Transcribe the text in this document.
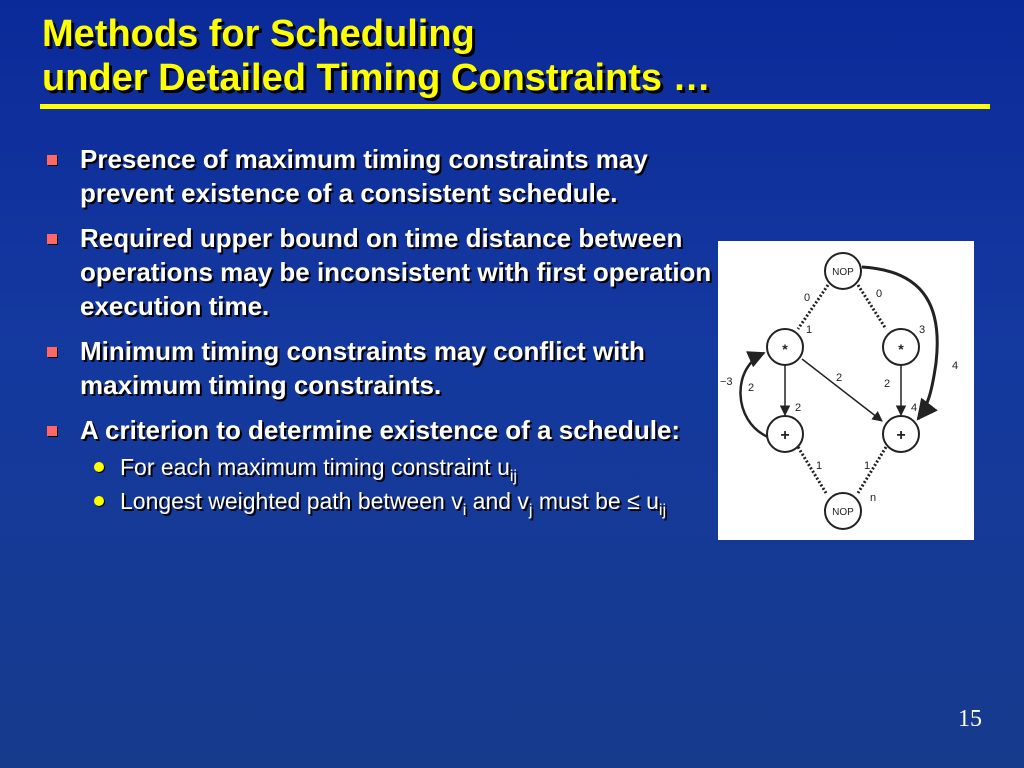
Methods for Scheduling
under Detailed Timing Constraints …
Presence of maximum timing constraints may prevent existence of a consistent schedule.
Required upper bound on time distance between operations may be inconsistent with first operation execution time.
Minimum timing constraints may conflict with maximum timing constraints.
A criterion to determine existence of a schedule:
For each maximum timing constraint $u_{ij}$
Longest weighted path between $v_i$ and $v_j$ must be ≤ $u_{ij}$
NOP
*	*
+	+
NOP
0	0
1	3
4
−3 2
2
2	2
4
1	1
n
15
